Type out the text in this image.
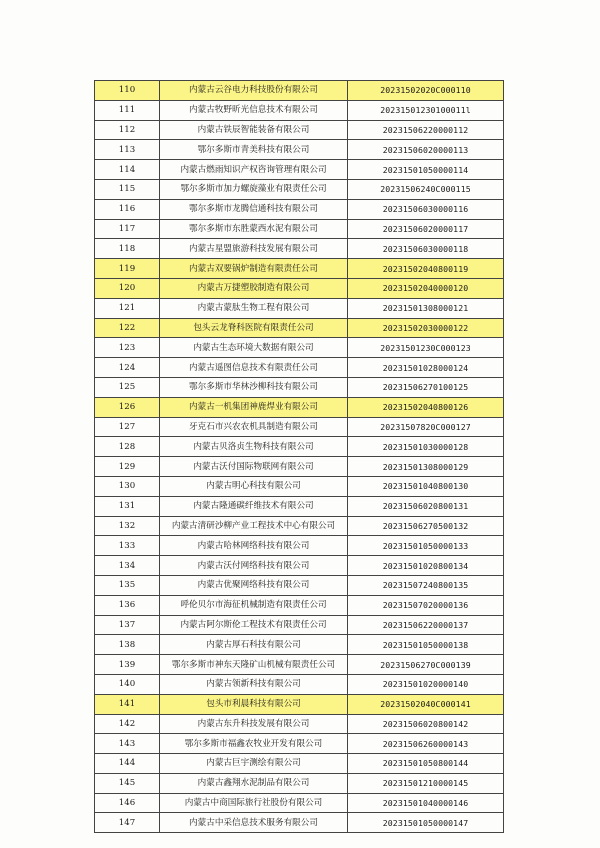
110	内蒙古云谷电力科技股份有限公司	20231502020C000110
111	内蒙古牧野昕光信息技术有限公司	20231501230100011l
112	内蒙古铁辰智能装备有限公司	20231506220000112
113	鄂尔多斯市青美科技有限公司	20231506020000113
114	内蒙古燃雨知识产权咨询管理有限公司	20231501050000114
115	鄂尔多斯市加力螺旋藻业有限责任公司	20231506240C000115
116	鄂尔多斯市龙腾信通科技有限公司	20231506030000116
117	鄂尔多斯市东胜蒙西水泥有限公司	20231506020000117
118	内蒙古星盟旅游科技发展有限公司	20231506030000118
119	内蒙古双要锅炉制造有限责任公司	20231502040800119
120	内蒙古万捷塑胶制造有限公司	20231502040000120
121	内蒙古蒙肽生物工程有限公司	20231501308000121
122	包头云龙脊科医院有限责任公司	20231502030000122
123	内蒙古生态环境大数据有限公司	20231501230C000123
124	内蒙古遥图信息技术有限责任公司	20231501028000124
125	鄂尔多斯市华林沙柳科技有限公司	20231506270100125
126	内蒙古一机集团神鹿焊业有限公司	20231502040800126
127	牙克石市兴农农机具制造有限公司	20231507820C000127
128	内蒙古贝洛贞生物科技有限公司	20231501030000128
129	内蒙古沃付国际物联网有限公司	20231501308000129
130	内蒙古明心科技有限公司	20231501040800130
131	内蒙古隆通碳纤维技术有限公司	20231506020800131
132	内蒙古清研沙柳产业工程技术中心有限公司	20231506270500132
133	内蒙古哈林网络科技有限公司	20231501050000133
134	内蒙古沃付网络科技有限公司	20231501020800134
135	内蒙古优聚网络科技有限公司	20231507240800135
136	呼伦贝尔市海征机械制造有限责任公司	20231507020000136
137	内蒙古阿尔斯伦工程技术有限责任公司	20231506220000137
138	内蒙古厚石科技有限公司	20231501050000138
139	鄂尔多斯市神东天隆矿山机械有限责任公司	20231506270C000139
140	内蒙古领新科技有限公司	20231501020000140
141	包头市利晨科技有限公司	20231502040C000141
142	内蒙古东升科技发展有限公司	20231506020800142
143	鄂尔多斯市福鑫农牧业开发有限公司	20231506260000143
144	内蒙古巨宇测绘有限公司	20231501050800144
145	内蒙古鑫翔水泥制品有限公司	20231501210000145
146	内蒙古中商国际旅行社股份有限公司	20231501040000146
147	内蒙古中采信息技术服务有限公司	20231501050000147
